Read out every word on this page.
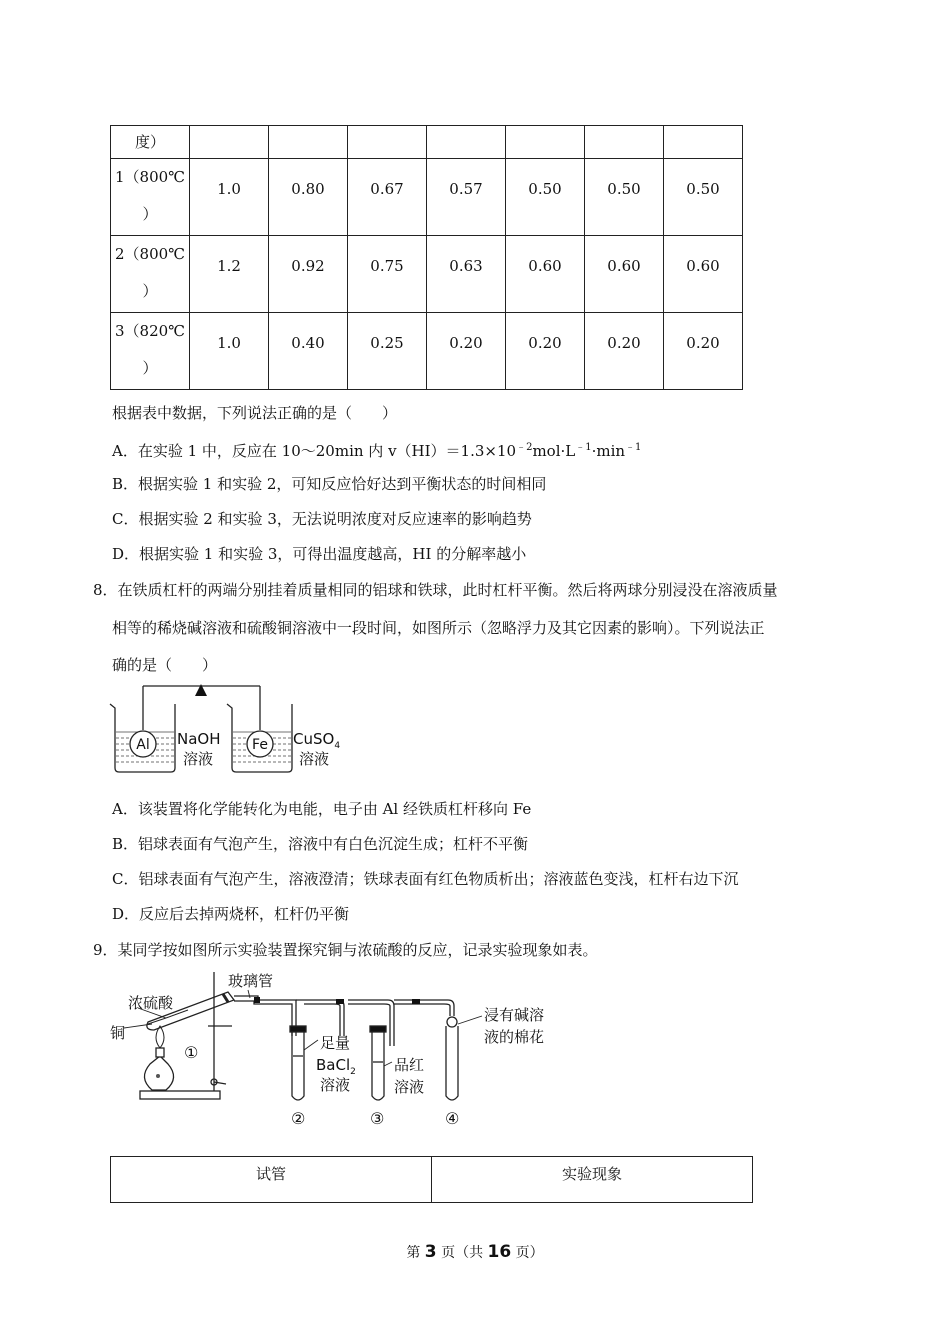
度）							
1（800℃
）	1.0	0.80	0.67	0.57	0.50	0.50	0.50
2（800℃
）	1.2	0.92	0.75	0.63	0.60	0.60	0.60
3（820℃
）	1.0	0.40	0.25	0.20	0.20	0.20	0.20
根据表中数据，下列说法正确的是（　　）
A．在实验 1 中，反应在 10～20min 内 $v(HI)=1.3\times 10^{﹣2}mol\cdot L^{﹣1}\cdot\min^{﹣1}$
B．根据实验 1 和实验 2，可知反应恰好达到平衡状态的时间相同
C．根据实验 2 和实验 3，无法说明浓度对反应速率的影响趋势
D．根据实验 1 和实验 3，可得出温度越高，HI 的分解率越小
8．在铁质杠杆的两端分别挂着质量相同的铝球和铁球，此时杠杆平衡。然后将两球分别浸没在溶液质量
相等的稀烧碱溶液和硫酸铜溶液中一段时间，如图所示（忽略浮力及其它因素的影响）。下列说法正
确的是（　　）
Al NaOH
溶液
Fe CuSO$_4$
溶液
A．该装置将化学能转化为电能，电子由 Al 经铁质杠杆移向 Fe
B．铝球表面有气泡产生，溶液中有白色沉淀生成；杠杆不平衡
C．铝球表面有气泡产生，溶液澄清；铁球表面有红色物质析出；溶液蓝色变浅，杠杆右边下沉
D．反应后去掉两烧杯，杠杆仍平衡
9．某同学按如图所示实验装置探究铜与浓硫酸的反应，记录实验现象如表。
玻璃管
浓硫酸
铜
①	足量
BaCl$_2$
溶液
品红
溶液
浸有碱溶
液的棉花
②	③	④
试管	实验现象
第 3 页（共 16 页）
